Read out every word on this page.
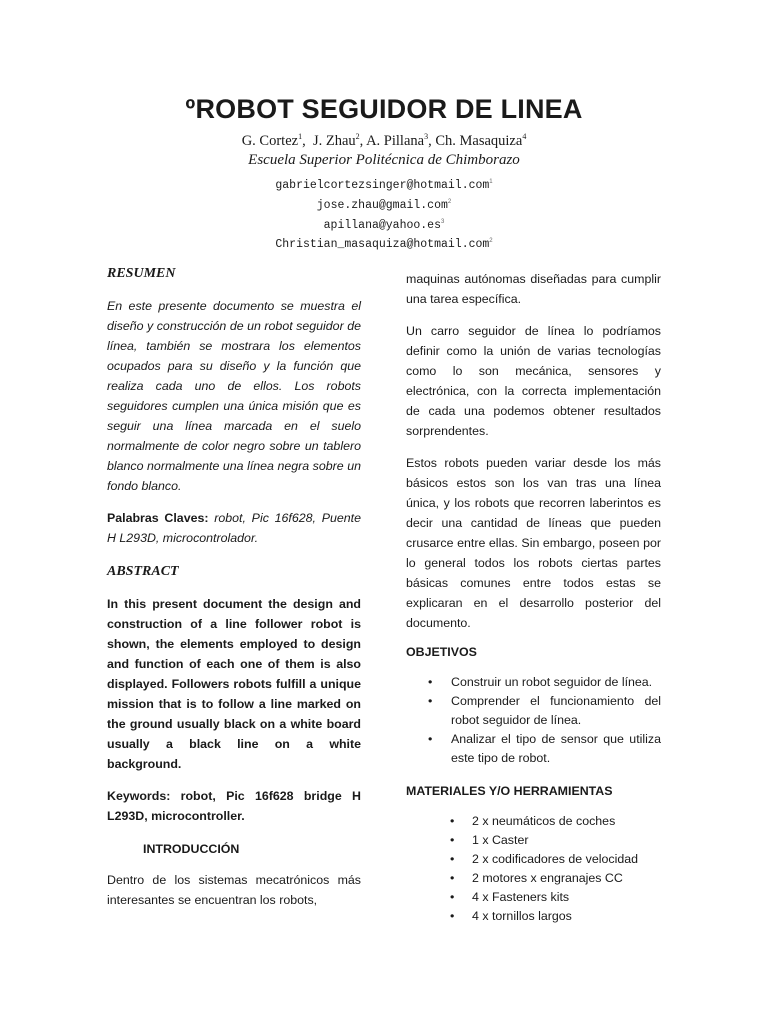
ºROBOT SEGUIDOR DE LINEA
G. Cortez$^1$,  J. Zhau$^2$, A. Pillana$^3$, Ch. Masaquiza$^4$
Escuela Superior Politécnica de Chimborazo
gabrielcortezsinger@hotmail.com$^1$
jose.zhau@gmail.com$^2$
$apillana@yahoo.es^3$
Christian_masaquiza@hotmail.com$^2$
RESUMEN

En este presente documento se muestra el diseño y construcción de un robot seguidor de línea, también se mostrara los elementos ocupados para su diseño y la función que realiza cada uno de ellos. Los robots seguidores cumplen una única misión que es seguir una línea marcada en el suelo normalmente de color negro sobre un tablero blanco normalmente una línea negra sobre un fondo blanco.

Palabras Claves: robot, Pic 16f628, Puente H L293D, microcontrolador.

ABSTRACT

In this present document the design and construction of a line follower robot is shown, the elements employed to design and function of each one of them is also displayed. Followers robots fulfill a unique mission that is to follow a line marked on the ground usually black on a white board usually a black line on a white background.

Keywords: robot, Pic 16f628 bridge H L293D, microcontroller.

INTRODUCCIÓN

Dentro de los sistemas mecatrónicos más interesantes se encuentran los robots,

maquinas autónomas diseñadas para cumplir una tarea específica.

Un carro seguidor de línea lo podríamos definir como la unión de varias tecnologías como lo son mecánica, sensores y electrónica, con la correcta implementación de cada una podemos obtener resultados sorprendentes.

Estos robots pueden variar desde los más básicos estos son los van tras una línea única, y los robots que recorren laberintos es decir una cantidad de líneas que pueden crusarce entre ellas. Sin embargo, poseen por lo general todos los robots ciertas partes básicas comunes entre todos estas se explicaran en el desarrollo posterior del documento.

OBJETIVOS
• Construir un robot seguidor de línea.
• Comprender el funcionamiento del robot seguidor de línea.
• Analizar el tipo de sensor que utiliza este tipo de robot.
MATERIALES Y/O HERRAMIENTAS
• 2 x neumáticos de coches
• 1 x Caster
• 2 x codificadores de velocidad
• 2 motores x engranajes CC
• 4 x Fasteners kits
• 4 x tornillos largos
